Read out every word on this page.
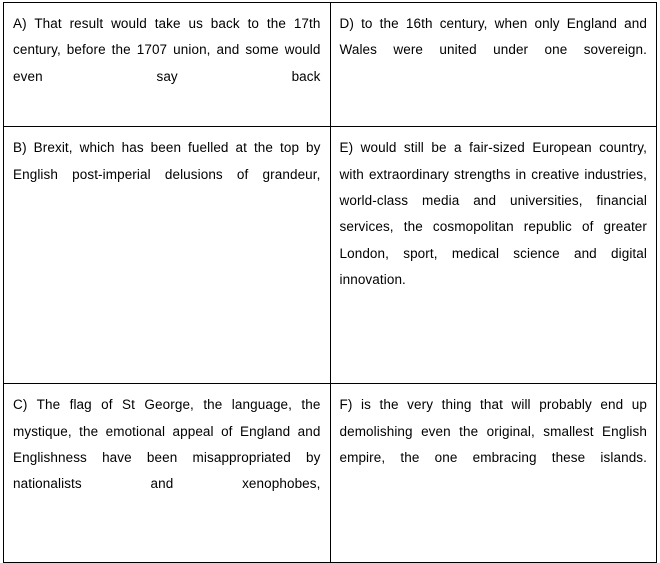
A) That result would take us back to the 17th century, before the 1707 union, and some would even say back	D) to the 16th century, when only England and Wales were united under one sovereign.

B) Brexit, which has been fuelled at the top by English post-imperial delusions of grandeur,	E) would still be a fair-sized European country, with extraordinary strengths in creative industries, world-class media and universities, financial services, the cosmopolitan republic of greater London, sport, medical science and digital innovation.

C) The flag of St George, the language, the mystique, the emotional appeal of England and Englishness have been misappropriated by nationalists and xenophobes,	F) is the very thing that will probably end up demolishing even the original, smallest English empire, the one embracing these islands.
